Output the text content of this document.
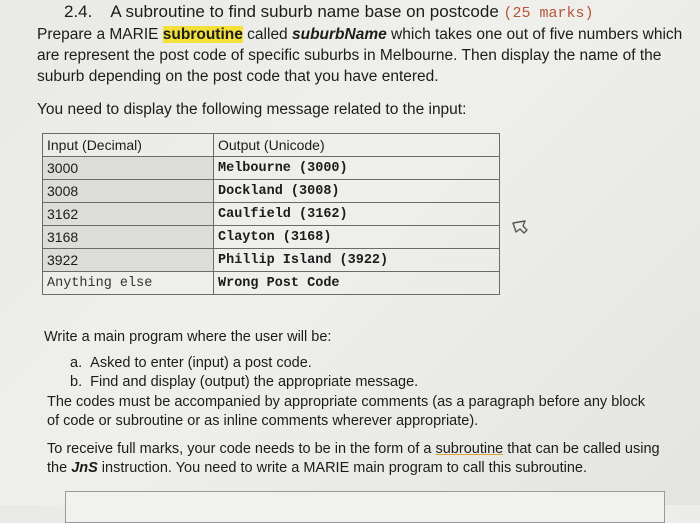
2.4. A subroutine to find suburb name base on postcode (25 marks)
Prepare a MARIE subroutine called suburbName which takes one out of five numbers which
are represent the post code of specific suburbs in Melbourne. Then display the name of the
suburb depending on the post code that you have entered.
You need to display the following message related to the input:
Input (Decimal)	Output (Unicode)
3000	Melbourne (3000)
3008	Dockland (3008)
3162	Caulfield (3162)
3168	Clayton (3168)
3922	Phillip Island (3922)
Anything else	Wrong Post Code
Write a main program where the user will be:
a. Asked to enter (input) a post code.
b. Find and display (output) the appropriate message.
The codes must be accompanied by appropriate comments (as a paragraph before any block
of code or subroutine or as inline comments wherever appropriate).
To receive full marks, your code needs to be in the form of a subroutine that can be called using
the JnS instruction. You need to write a MARIE main program to call this subroutine.
